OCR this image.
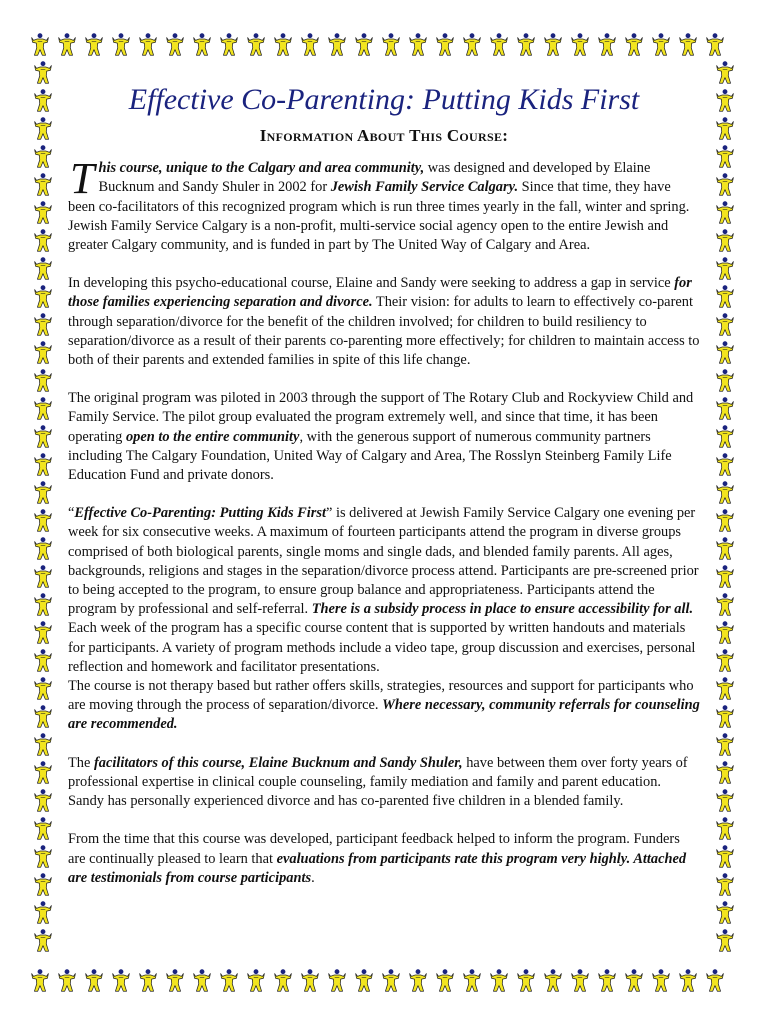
Effective Co-Parenting: Putting Kids First
Information About This Course:

This course, unique to the Calgary and area community, was designed and developed by Elaine Bucknum and Sandy Shuler in 2002 for Jewish Family Service Calgary. Since that time, they have been co-facilitators of this recognized program which is run three times yearly in the fall, winter and spring. Jewish Family Service Calgary is a non-profit, multi-service social agency open to the entire Jewish and greater Calgary community, and is funded in part by The United Way of Calgary and Area.

In developing this psycho-educational course, Elaine and Sandy were seeking to address a gap in service for those families experiencing separation and divorce. Their vision: for adults to learn to effectively co-parent through separation/divorce for the benefit of the children involved; for children to build resiliency to separation/divorce as a result of their parents co-parenting more effectively; for children to maintain access to both of their parents and extended families in spite of this life change.

The original program was piloted in 2003 through the support of The Rotary Club and Rockyview Child and Family Service. The pilot group evaluated the program extremely well, and since that time, it has been operating open to the entire community, with the generous support of numerous community partners including The Calgary Foundation, United Way of Calgary and Area, The Rosslyn Steinberg Family Life Education Fund and private donors.

“Effective Co-Parenting: Putting Kids First” is delivered at Jewish Family Service Calgary one evening per week for six consecutive weeks. A maximum of fourteen participants attend the program in diverse groups comprised of both biological parents, single moms and single dads, and blended family parents. All ages, backgrounds, religions and stages in the separation/divorce process attend. Participants are pre-screened prior to being accepted to the program, to ensure group balance and appropriateness. Participants attend the program by professional and self-referral. There is a subsidy process in place to ensure accessibility for all. Each week of the program has a specific course content that is supported by written handouts and materials for participants. A variety of program methods include a video tape, group discussion and exercises, personal reflection and homework and facilitator presentations.

The course is not therapy based but rather offers skills, strategies, resources and support for participants who are moving through the process of separation/divorce. Where necessary, community referrals for counseling are recommended.

The facilitators of this course, Elaine Bucknum and Sandy Shuler, have between them over forty years of professional expertise in clinical couple counseling, family mediation and family and parent education. Sandy has personally experienced divorce and has co-parented five children in a blended family.

From the time that this course was developed, participant feedback helped to inform the program. Funders are continually pleased to learn that evaluations from participants rate this program very highly. Attached are testimonials from course participants.
